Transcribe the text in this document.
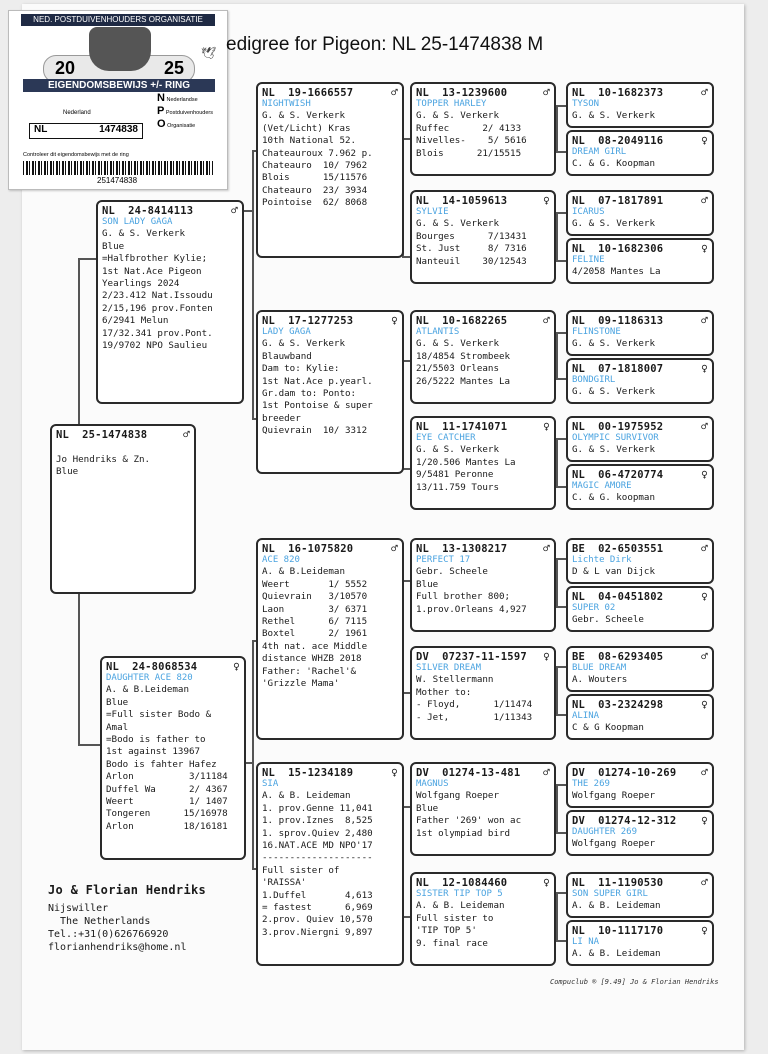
NED. POSTDUIVENHOUDERS ORGANISATIE
20	25
EIGENDOMSBEWIJS +/- RING
Nederland
NL	1474838
N Nederlandse
P Postduivenhouders
O Organisatie
Controleer dit eigendomsbewijs met de ring
251474838
🕊 edigree for Pigeon: NL 25-1474838 M
NL  25-1474838	♂

Jo Hendriks & Zn.
Blue
NL  24-8414113	♂
SON LADY GAGA
G. & S. Verkerk
Blue
=Halfbrother Kylie;
1st Nat.Ace Pigeon
Yearlings 2024
2/23.412 Nat.Issoudu
2/15,196 prov.Fonten
6/2941 Melun
17/32.341 prov.Pont.
19/9702 NPO Saulieu
NL  24-8068534	♀
DAUGHTER ACE 820
A. & B.Leideman
Blue
=Full sister Bodo &
Amal
=Bodo is father to
1st against 13967
Bodo is fahter Hafez
Arlon          3/11184
Duffel Wa      2/ 4367
Weert          1/ 1407
Tongeren      15/16978
Arlon         18/16181
NL  19-1666557	♂
NIGHTWISH
G. & S. Verkerk
(Vet/Licht) Kras
10th National 52.
Chateauroux 7.962 p.
Chateauro  10/ 7962
Blois      15/11576
Chateauro  23/ 3934
Pointoise  62/ 8068
NL  17-1277253	♀
LADY GAGA
G. & S. Verkerk
Blauwband
Dam to: Kylie:
1st Nat.Ace p.yearl.
Gr.dam to: Ponto:
1st Pontoise & super
breeder
Quievrain  10/ 3312
NL  16-1075820	♂
ACE 820
A. & B.Leideman
Weert       1/ 5552
Quievrain   3/10570
Laon        3/ 6371
Rethel      6/ 7115
Boxtel      2/ 1961
4th nat. ace Middle
distance WHZB 2018
Father: 'Rachel'&
'Grizzle Mama'
NL  15-1234189	♀
SIA
A. & B. Leideman
1. prov.Genne 11,041
1. prov.Iznes  8,525
1. sprov.Quiev 2,480
16.NAT.ACE MD NPO'17
--------------------
Full sister of
'RAISSA'
1.Duffel       4,613
= fastest      6,969
2.prov. Quiev 10,570
3.prov.Niergni 9,897
NL  13-1239600	♂
TOPPER HARLEY
G. & S. Verkerk
Ruffec      2/ 4133
Nivelles-    5/ 5616
Blois      21/15515
NL  14-1059613	♀
SYLVIE
G. & S. Verkerk
Bourges      7/13431
St. Just     8/ 7316
Nanteuil    30/12543
NL  10-1682265	♂
ATLANTIS
G. & S. Verkerk
18/4854 Strombeek
21/5503 Orleans
26/5222 Mantes La
NL  11-1741071	♀
EYE CATCHER
G. & S. Verkerk
1/20.506 Mantes La
9/5481 Peronne
13/11.759 Tours
NL  13-1308217	♂
PERFECT 17
Gebr. Scheele
Blue
Full brother 800;
1.prov.Orleans 4,927
DV  07237-11-1597 ♀
SILVER DREAM
W. Stellermann
Mother to:
- Floyd,      1/11474
- Jet,        1/11343
DV  01274-13-481 ♂
MAGNUS
Wolfgang Roeper
Blue
Father '269' won ac
1st olympiad bird
NL  12-1084460	♀
SISTER TIP TOP 5
A. & B. Leideman
Full sister to
'TIP TOP 5'
9. final race
NL  10-1682373	♂
TYSON
G. & S. Verkerk
NL  08-2049116	♀
DREAM GIRL
C. & G. Koopman
NL  07-1817891	♂
ICARUS
G. & S. Verkerk
NL  10-1682306	♀
FELINE
4/2058 Mantes La
NL  09-1186313	♂
FLINSTONE
G. & S. Verkerk
NL  07-1818007	♀
BONDGIRL
G. & S. Verkerk
NL  00-1975952	♂
OLYMPIC SURVIVOR
G. & S. Verkerk
NL  06-4720774	♀
MAGIC AMORE
C. & G. koopman
BE  02-6503551	♂
Lichte Dirk
D & L van Dijck
NL  04-0451802	♀
SUPER 02
Gebr. Scheele
BE  08-6293405	♂
BLUE DREAM
A. Wouters
NL  03-2324298	♀
ALINA
C & G Koopman
DV  01274-10-269 ♂
THE 269
Wolfgang Roeper
DV  01274-12-312 ♀
DAUGHTER 269
Wolfgang Roeper
NL  11-1190530	♂
SON SUPER GIRL
A. & B. Leideman
NL  10-1117170	♀
LI NA
A. & B. Leideman
Jo & Florian Hendriks
Nijswiller
The Netherlands
Tel.:+31(0)626766920
florianhendriks@home.nl
Compuclub ® [9.49] Jo & Florian Hendriks
